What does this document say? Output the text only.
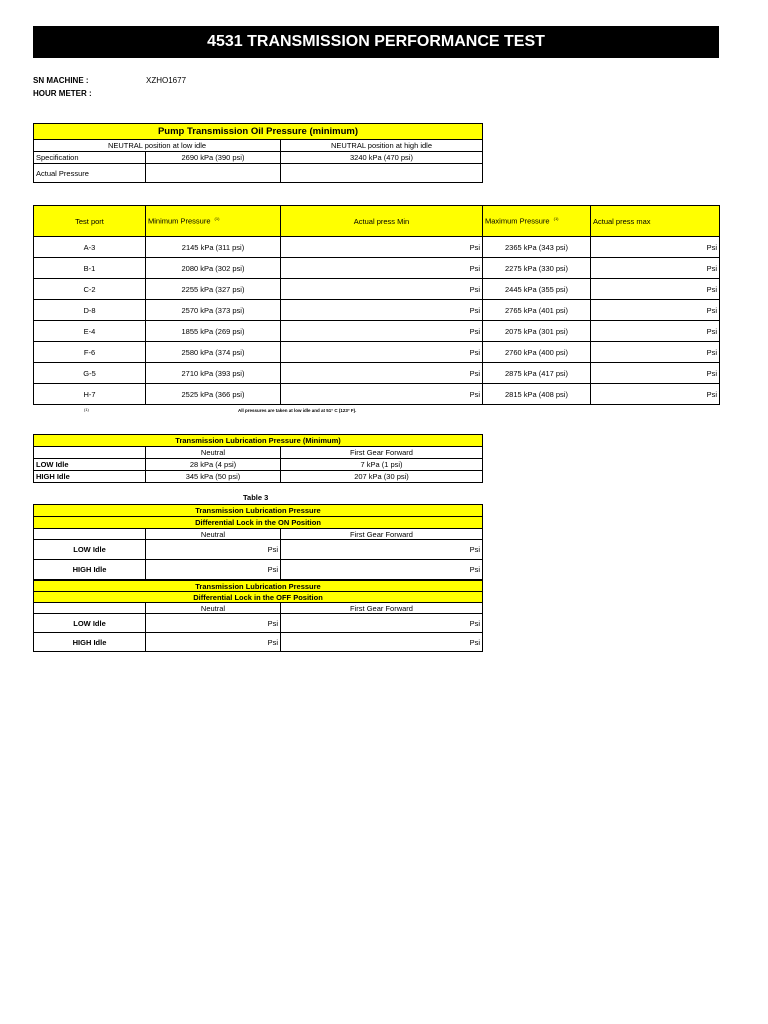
4531 TRANSMISSION PERFORMANCE TEST
SN MACHINE :	XZHO1677
HOUR METER :
Pump Transmission Oil Pressure (minimum)		
NEUTRAL position at low idle		NEUTRAL position at high idle
Specification	2690 kPa (390 psi)	3240 kPa (470 psi)
Actual Pressure		
Test port	Minimum Pressure $^{(1)}$	Actual press Min	Maximum Pressure $^{(1)}$	Actual press max
A-3	2145 kPa (311 psi)	Psi	2365 kPa (343 psi)	Psi
B-1	2080 kPa (302 psi)	Psi	2275 kPa (330 psi)	Psi
C-2	2255 kPa (327 psi)	Psi	2445 kPa (355 psi)	Psi
D-8	2570 kPa (373 psi)	Psi	2765 kPa (401 psi)	Psi
E-4	1855 kPa (269 psi)	Psi	2075 kPa (301 psi)	Psi
F-6	2580 kPa (374 psi)	Psi	2760 kPa (400 psi)	Psi
G-5	2710 kPa (393 psi)	Psi	2875 kPa (417 psi)	Psi
H-7	2525 kPa (366 psi)	Psi	2815 kPa (408 psi)	Psi
(1)	All pressures are taken at low idle and at 51° C (123° F).
Transmission Lubrication Pressure (Minimum)		
	Neutral	First Gear Forward
LOW Idle	28 kPa (4 psi)	7 kPa (1 psi)
HIGH Idle	345 kPa (50 psi)	207 kPa (30 psi)
Table 3
Transmission Lubrication Pressure		
Differential Lock in the ON Position		
	Neutral	First Gear Forward
LOW Idle	Psi	Psi
HIGH Idle	Psi	Psi
Transmission Lubrication Pressure		
Differential Lock in the OFF Position		
	Neutral	First Gear Forward
LOW Idle	Psi	Psi
HIGH Idle	Psi	Psi
